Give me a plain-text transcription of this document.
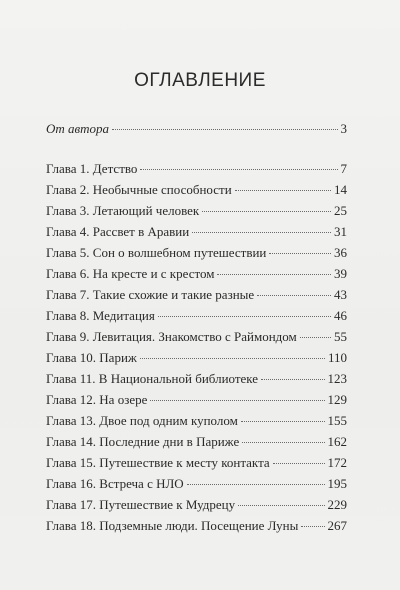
ОГЛАВЛЕНИЕ
От автора	3
Глава 1. Детство	7
Глава 2. Необычные способности	14
Глава 3. Летающий человек	25
Глава 4. Рассвет в Аравии	31
Глава 5. Сон о волшебном путешествии	36
Глава 6. На кресте и с крестом	39
Глава 7. Такие схожие и такие разные	43
Глава 8. Медитация	46
Глава 9. Левитация. Знакомство с Раймондом	55
Глава 10. Париж	110
Глава 11. В Национальной библиотеке	123
Глава 12. На озере	129
Глава 13. Двое под одним куполом	155
Глава 14. Последние дни в Париже	162
Глава 15. Путешествие к месту контакта	172
Глава 16. Встреча с НЛО	195
Глава 17. Путешествие к Мудрецу	229
Глава 18. Подземные люди. Посещение Луны 267
